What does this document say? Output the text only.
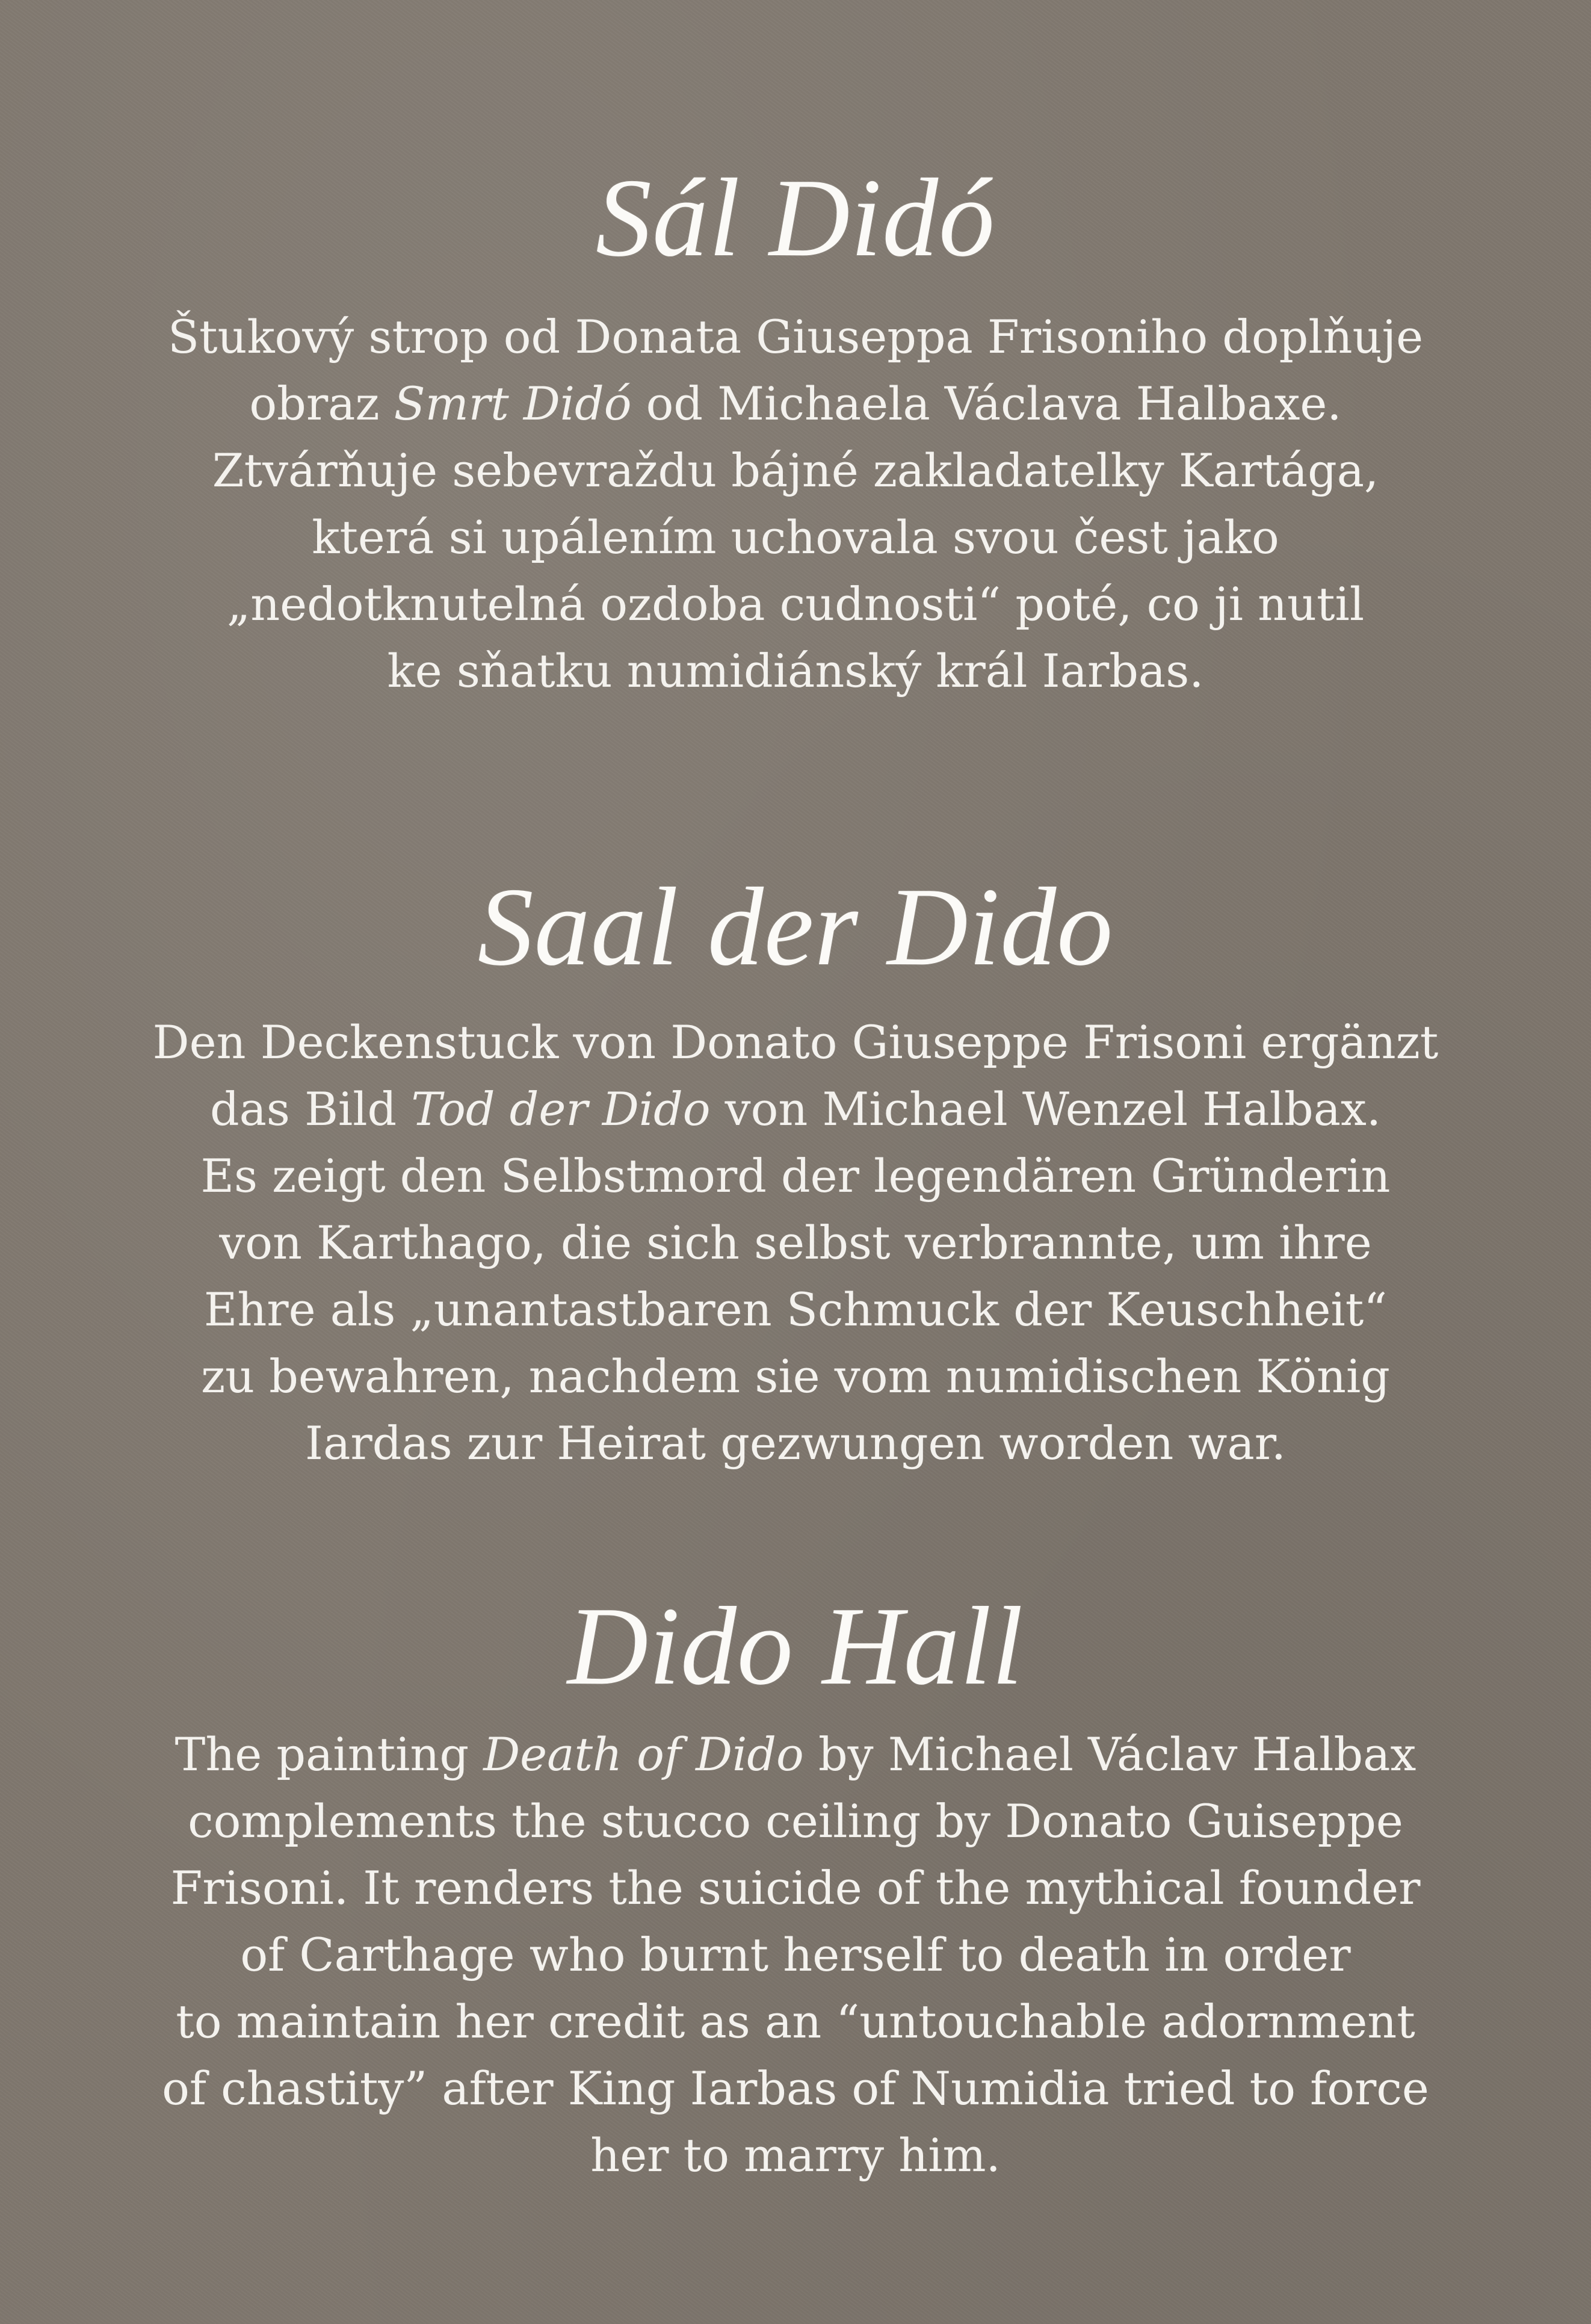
Sál Didó
Štukový strop od Donata Giuseppa Frisoniho doplňuje
obraz Smrt Didó od Michaela Václava Halbaxe.
Ztvárňuje sebevraždu bájné zakladatelky Kartága,
která si upálením uchovala svou čest jako
„nedotknutelná ozdoba cudnosti“ poté, co ji nutil
ke sňatku numidiánský král Iarbas.
Saal der Dido
Den Deckenstuck von Donato Giuseppe Frisoni ergänzt
das Bild Tod der Dido von Michael Wenzel Halbax.
Es zeigt den Selbstmord der legendären Gründerin
von Karthago, die sich selbst verbrannte, um ihre
Ehre als „unantastbaren Schmuck der Keuschheit“
zu bewahren, nachdem sie vom numidischen König
Iardas zur Heirat gezwungen worden war.
Dido Hall
The painting Death of Dido by Michael Václav Halbax
complements the stucco ceiling by Donato Guiseppe
Frisoni. It renders the suicide of the mythical founder
of Carthage who burnt herself to death in order
to maintain her credit as an “untouchable adornment
of chastity” after King Iarbas of Numidia tried to force
her to marry him.
